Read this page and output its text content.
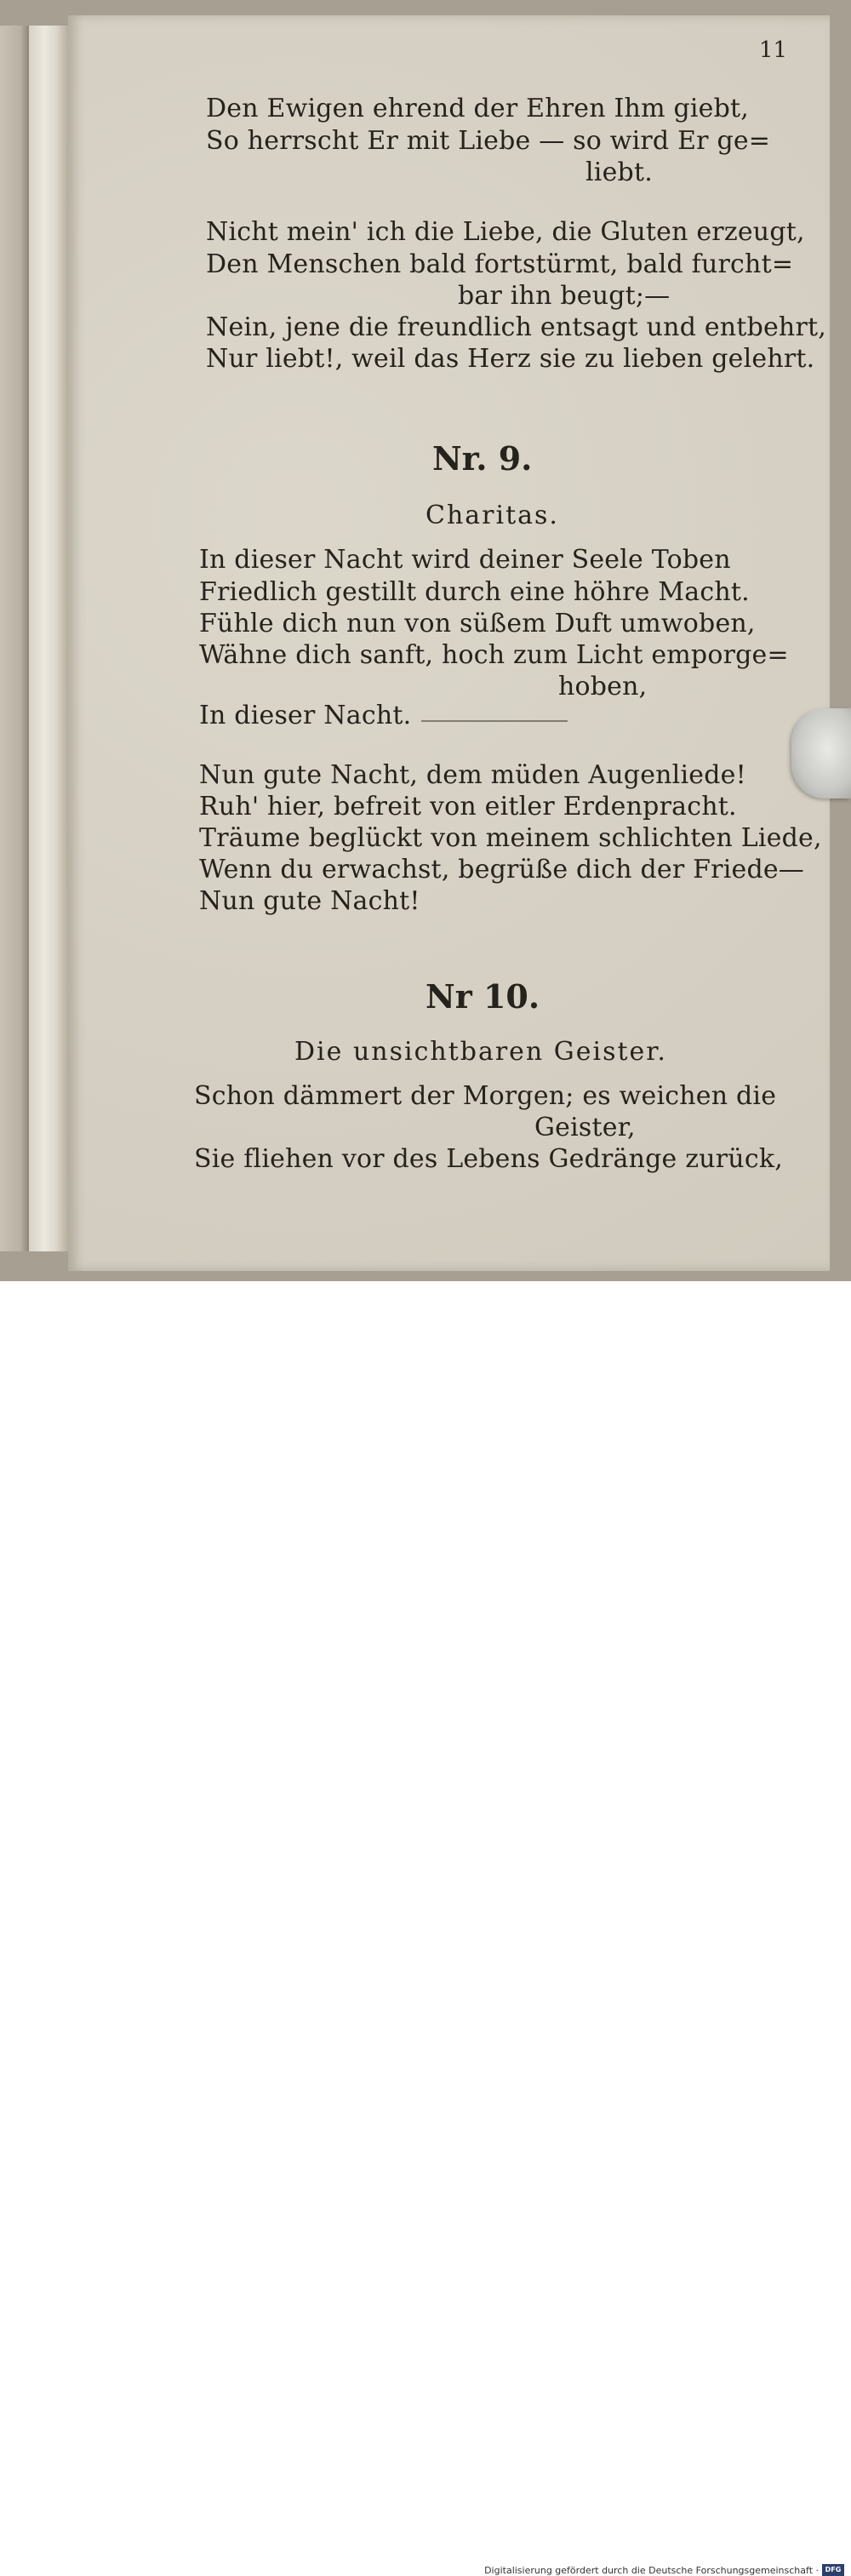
11
Den Ewigen ehrend der Ehren Ihm giebt,
So herrscht Er mit Liebe — so wird Er ge=
liebt.
Nicht mein' ich die Liebe, die Gluten erzeugt,
Den Menschen bald fortstürmt, bald furcht=
bar ihn beugt;—
Nein, jene die freundlich entsagt und entbehrt,
Nur liebt!, weil das Herz sie zu lieben gelehrt.
Nr. 9.
Charitas.
In dieser Nacht wird deiner Seele Toben
Friedlich gestillt durch eine höhre Macht.
Fühle dich nun von süßem Duft umwoben,
Wähne dich sanft, hoch zum Licht emporge=
hoben,
In dieser Nacht.
Nun gute Nacht, dem müden Augenliede!
Ruh' hier, befreit von eitler Erdenpracht.
Träume beglückt von meinem schlichten Liede,
Wenn du erwachst, begrüße dich der Friede—
Nun gute Nacht!
Nr 10.
Die unsichtbaren Geister.
Schon dämmert der Morgen; es weichen die
Geister,
Sie fliehen vor des Lebens Gedränge zurück,
Digitalisierung gefördert durch die Deutsche Forschungsgemeinschaft · DFG
